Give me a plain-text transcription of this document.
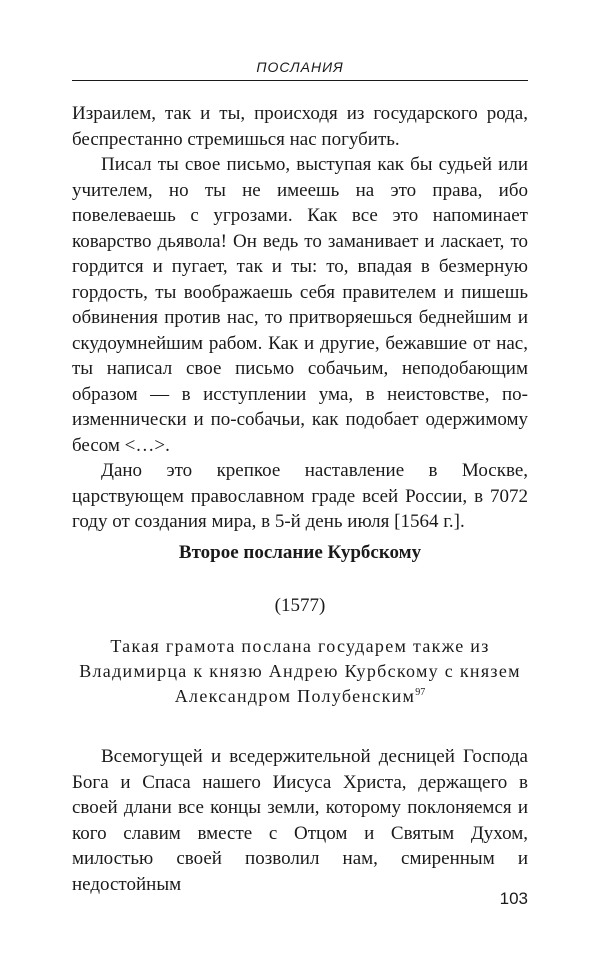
ПОСЛАНИЯ

Израилем, так и ты, происходя из государского рода, беспрестанно стремишься нас погубить.

Писал ты свое письмо, выступая как бы судьей или учителем, но ты не имеешь на это права, ибо повелеваешь с угрозами. Как все это напоминает коварство дьявола! Он ведь то заманивает и ласкает, то гордится и пугает, так и ты: то, впадая в безмерную гордость, ты воображаешь себя правителем и пишешь обвинения против нас, то притворяешься беднейшим и скудоумнейшим рабом. Как и другие, бежавшие от нас, ты написал свое письмо собачьим, неподобающим образом — в исступлении ума, в неистовстве, по-изменнически и по-собачьи, как подобает одержимому бесом <…>.

Дано это крепкое наставление в Москве, царствующем православном граде всей России, в 7072 году от создания мира, в 5-й день июля [1564 г.].

Второе послание Курбскому
(1577)
Такая грамота послана государем также из Владимирца к князю Андрею Курбскому с князем Александром Полубенским$^{97}$

Всемогущей и вседержительной десницей Господа Бога и Спаса нашего Иисуса Христа, держащего в своей длани все концы земли, которому поклоняемся и кого славим вместе с Отцом и Святым Духом, милостью своей позволил нам, смиренным и недостойным

103
